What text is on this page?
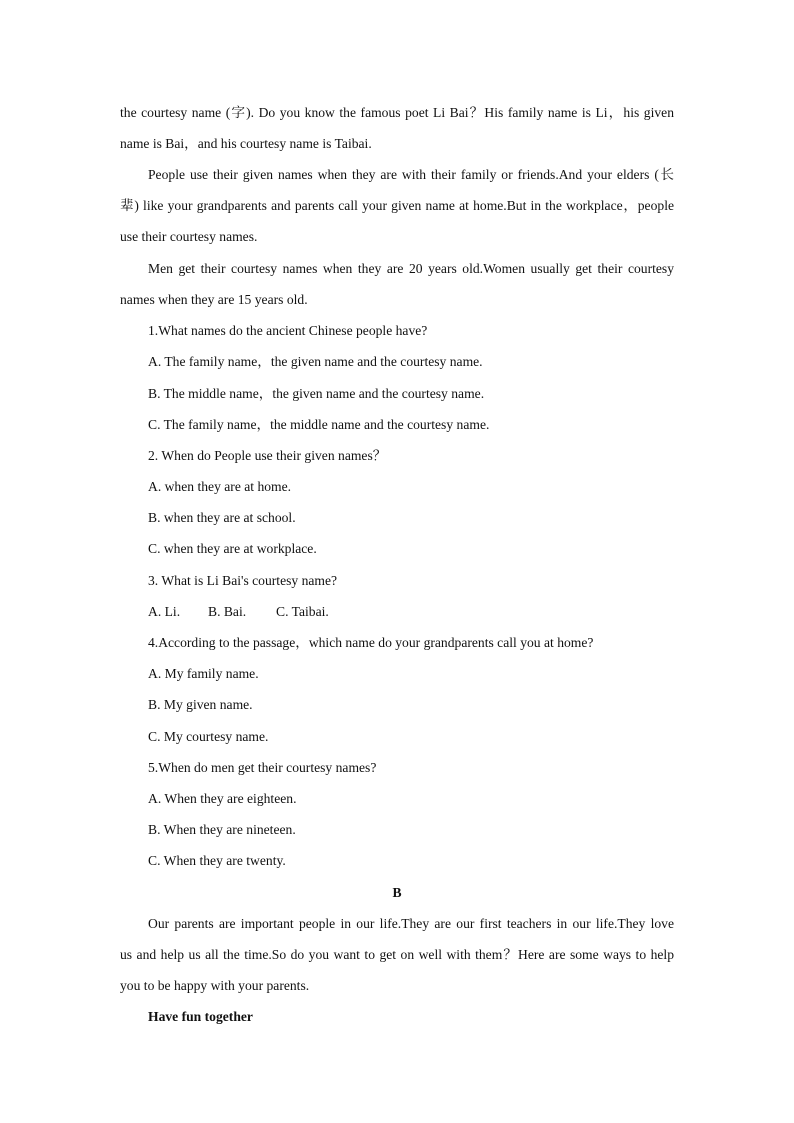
the courtesy name (字). Do you know the famous poet Li Bai？His family name is Li，his given
name is Bai，and his courtesy name is Taibai.
People use their given names when they are with their family or friends.And your elders (长
辈) like your grandparents and parents call your given name at home.But in the workplace，people
use their courtesy names.
Men get their courtesy names when they are 20 years old.Women usually get their courtesy
names when they are 15 years old.
1.What names do the ancient Chinese people have?
A. The family name，the given name and the courtesy name.
B. The middle name，the given name and the courtesy name.
C. The family name，the middle name and the courtesy name.
2. When do People use their given names？
A. when they are at home.
B. when they are at school.
C. when they are at workplace.
3. What is Li Bai's courtesy name?
A. Li. B. Bai. C. Taibai.
4.According to the passage，which name do your grandparents call you at home?
A. My family name.
B. My given name.
C. My courtesy name.
5.When do men get their courtesy names?
A. When they are eighteen.
B. When they are nineteen.
C. When they are twenty.
B
Our parents are important people in our life.They are our first teachers in our life.They love
us and help us all the time.So do you want to get on well with them？Here are some ways to help
you to be happy with your parents.
Have fun together
